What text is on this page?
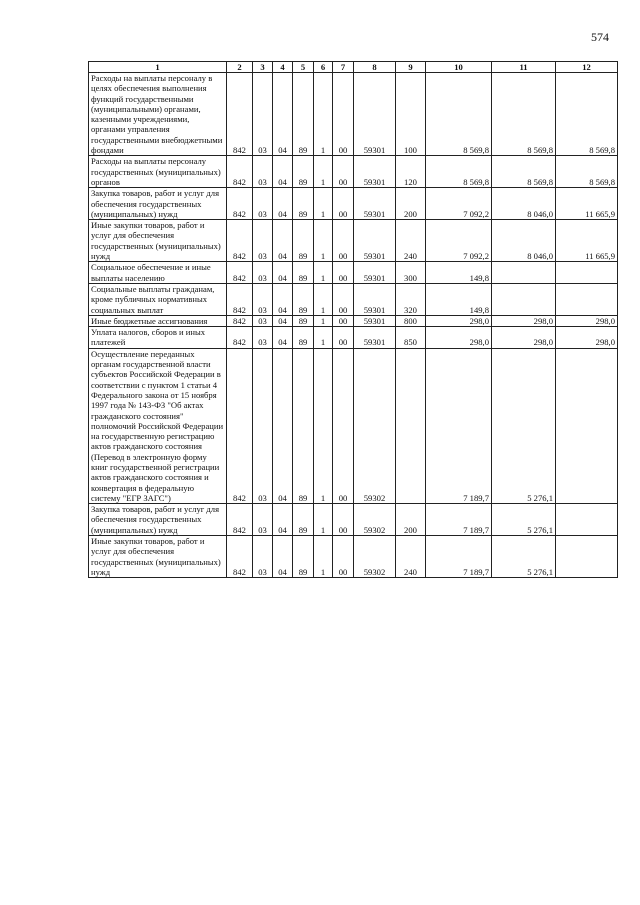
574
1	2	3	4	5	6	7	8	9	10	11	12

Расходы на выплаты персоналу в целях обеспечения выполнения функций государственными (муниципальными) органами, казенными учреждениями, органами управления государственными внебюджетными фондами	842	03	04	89	1	00	59301	100	8 569,8	8 569,8	8 569,8

Расходы на выплаты персоналу государственных (муниципальных) органов	842	03	04	89	1	00	59301	120	8 569,8	8 569,8	8 569,8

Закупка товаров, работ и услуг для обеспечения государственных (муниципальных) нужд	842	03	04	89	1	00	59301	200	7 092,2	8 046,0	11 665,9

Иные закупки товаров, работ и услуг для обеспечения государственных (муниципальных) нужд	842	03	04	89	1	00	59301	240	7 092,2	8 046,0	11 665,9

Социальное обеспечение и иные выплаты населению	842	03	04	89	1	00	59301	300	149,8		

Социальные выплаты гражданам, кроме публичных нормативных социальных выплат	842	03	04	89	1	00	59301	320	149,8		

Иные бюджетные ассигнования	842	03	04	89	1	00	59301	800	298,0	298,0	298,0

Уплата налогов, сборов и иных платежей	842	03	04	89	1	00	59301	850	298,0	298,0	298,0

Осуществление переданных органам государственной власти субъектов Российской Федерации в соответствии с пунктом 1 статьи 4 Федерального закона от 15 ноября 1997 года № 143-ФЗ "Об актах гражданского состояния" полномочий Российской Федерации на государственную регистрацию актов гражданского состояния (Перевод в электронную форму книг государственной регистрации актов гражданского состояния и конвертация в федеральную систему "ЕГР ЗАГС")	842	03	04	89	1	00	59302		7 189,7	5 276,1	

Закупка товаров, работ и услуг для обеспечения государственных (муниципальных) нужд	842	03	04	89	1	00	59302	200	7 189,7	5 276,1	

Иные закупки товаров, работ и услуг для обеспечения государственных (муниципальных) нужд	842	03	04	89	1	00	59302	240	7 189,7	5 276,1	
